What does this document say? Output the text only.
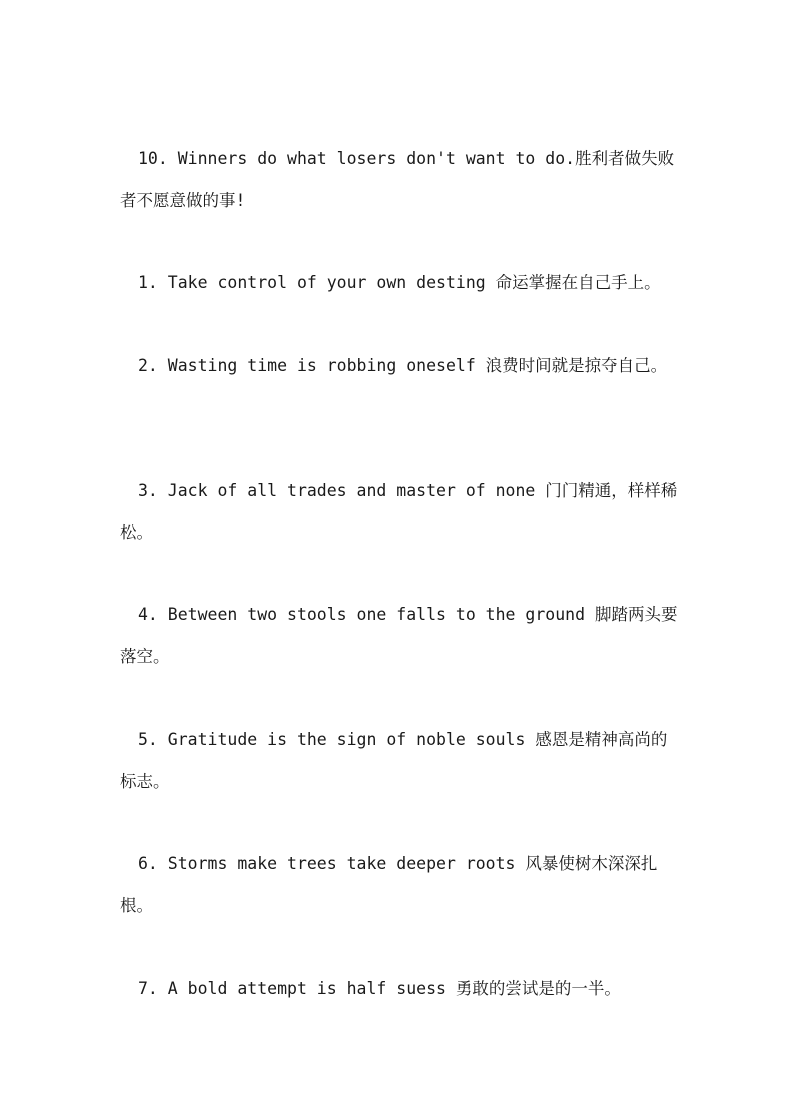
10. Winners do what losers don't want to do.胜利者做失败者不愿意做的事!

1. Take control of your own desting 命运掌握在自己手上。

2. Wasting time is robbing oneself 浪费时间就是掠夺自己。

3. Jack of all trades and master of none 门门精通，样样稀松。

4. Between two stools one falls to the ground 脚踏两头要落空。

5. Gratitude is the sign of noble souls 感恩是精神高尚的标志。

6. Storms make trees take deeper roots 风暴使树木深深扎根。

7. A bold attempt is half suess 勇敢的尝试是的一半。
